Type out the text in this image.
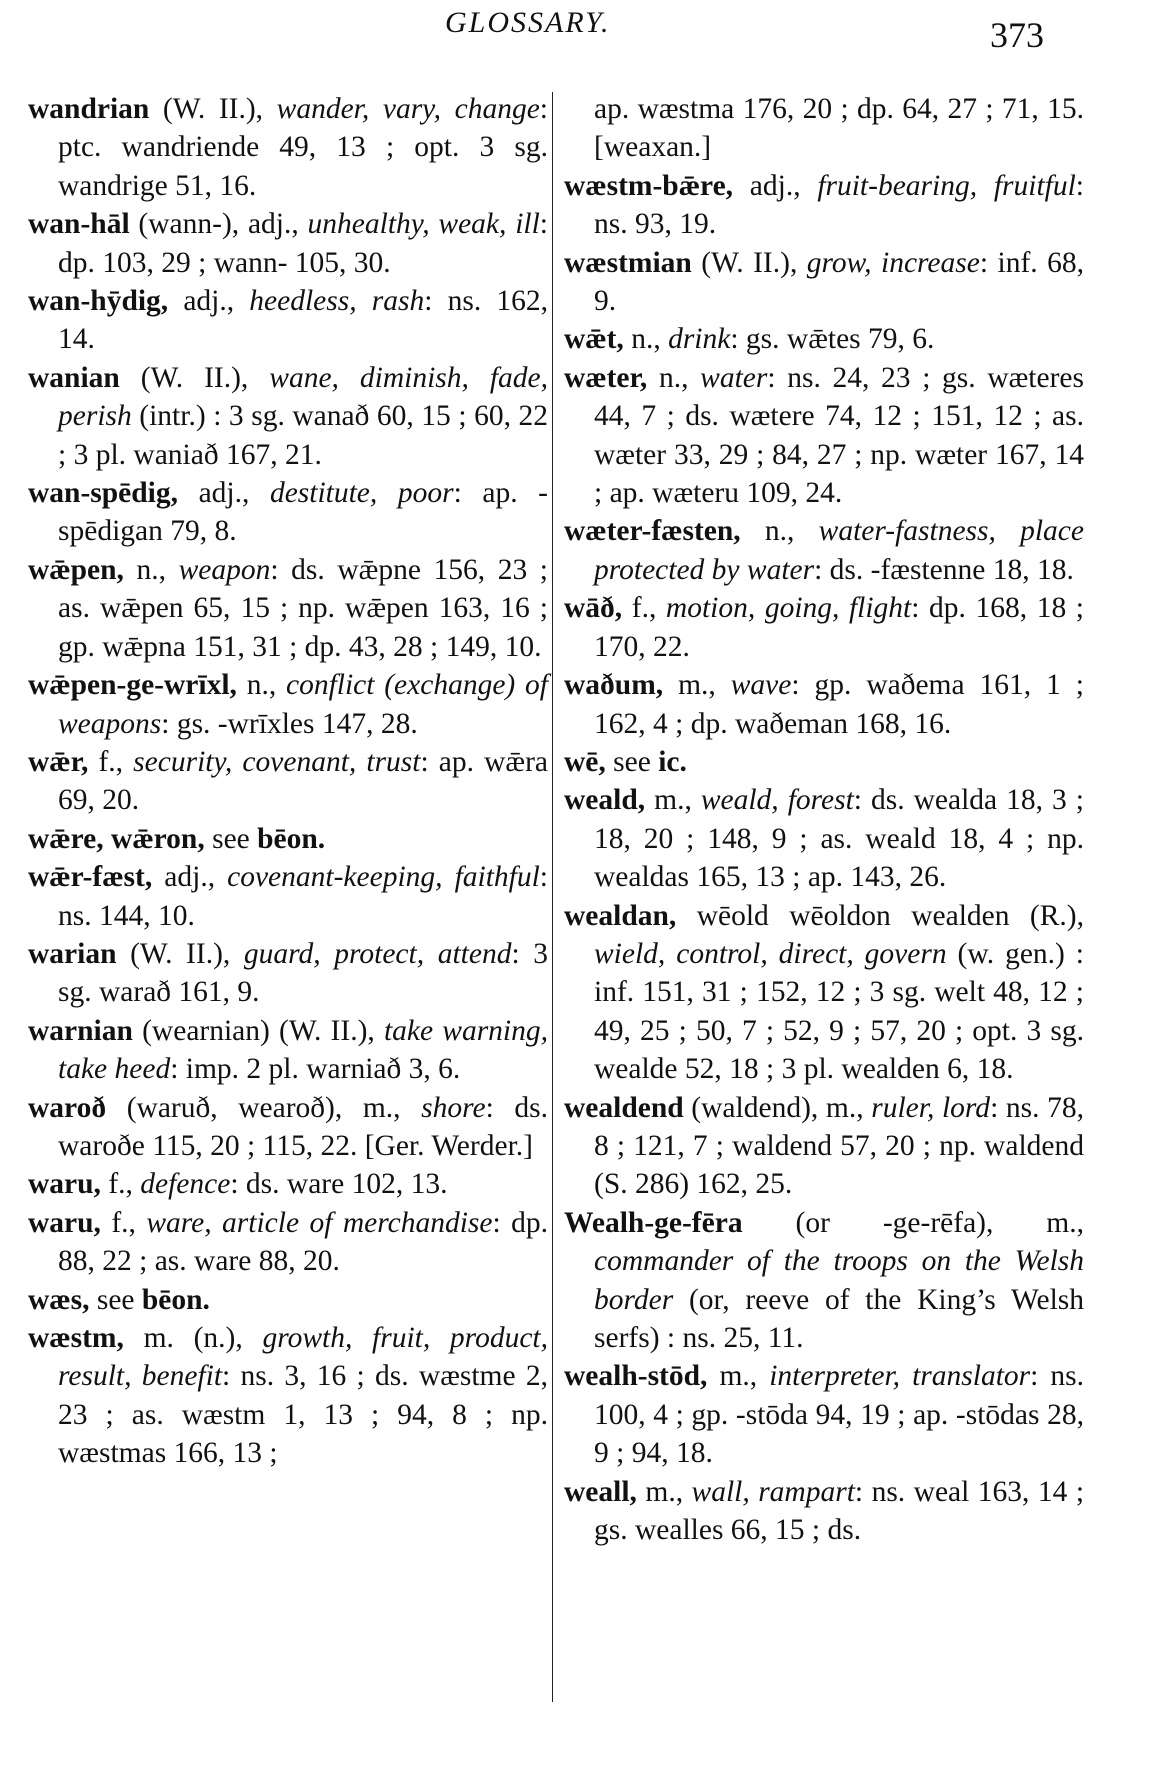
GLOSSARY.	373

wandrian (W. II.), wander, vary, change: ptc. wandriende 49, 13 ; opt. 3 sg. wandrige 51, 16.

wan-hāl (wann-), adj., unhealthy, weak, ill: dp. 103, 29 ; wann- 105, 30.

wan-hȳdig, adj., heedless, rash: ns. 162, 14.

wanian (W. II.), wane, diminish, fade, perish (intr.) : 3 sg. wanað 60, 15 ; 60, 22 ; 3 pl. waniað 167, 21.

wan-spēdig, adj., destitute, poor: ap. -spēdigan 79, 8.

wǣpen, n., weapon: ds. wǣpne 156, 23 ; as. wǣpen 65, 15 ; np. wǣpen 163, 16 ; gp. wǣpna 151, 31 ; dp. 43, 28 ; 149, 10.

wǣpen-ge-wrīxl, n., conflict (exchange) of weapons: gs. -wrīxles 147, 28.

wǣr, f., security, covenant, trust: ap. wǣra 69, 20.

wǣre, wǣron, see bēon.

wǣr-fæst, adj., covenant-keeping, faithful: ns. 144, 10.

warian (W. II.), guard, protect, attend: 3 sg. warað 161, 9.

warnian (wearnian) (W. II.), take warning, take heed: imp. 2 pl. warniað 3, 6.

waroð (waruð, wearoð), m., shore: ds. waroðe 115, 20 ; 115, 22. [Ger. Werder.]

waru, f., defence: ds. ware 102, 13.

waru, f., ware, article of merchandise: dp. 88, 22 ; as. ware 88, 20.

wæs, see bēon.

wæstm, m. (n.), growth, fruit, product, result, benefit: ns. 3, 16 ; ds. wæstme 2, 23 ; as. wæstm 1, 13 ; 94, 8 ; np. wæstmas 166, 13 ;

ap. wæstma 176, 20 ; dp. 64, 27 ; 71, 15. [weaxan.]

wæstm-bǣre, adj., fruit-bearing, fruitful: ns. 93, 19.

wæstmian (W. II.), grow, increase: inf. 68, 9.

wǣt, n., drink: gs. wǣtes 79, 6.

wæter, n., water: ns. 24, 23 ; gs. wæteres 44, 7 ; ds. wætere 74, 12 ; 151, 12 ; as. wæter 33, 29 ; 84, 27 ; np. wæter 167, 14 ; ap. wæteru 109, 24.

wæter-fæsten, n., water-fastness, place protected by water: ds. -fæstenne 18, 18.

wāð, f., motion, going, flight: dp. 168, 18 ; 170, 22.

waðum, m., wave: gp. waðema 161, 1 ; 162, 4 ; dp. waðeman 168, 16.

wē, see ic.

weald, m., weald, forest: ds. wealda 18, 3 ; 18, 20 ; 148, 9 ; as. weald 18, 4 ; np. wealdas 165, 13 ; ap. 143, 26.

wealdan, wēold wēoldon wealden (R.), wield, control, direct, govern (w. gen.) : inf. 151, 31 ; 152, 12 ; 3 sg. welt 48, 12 ; 49, 25 ; 50, 7 ; 52, 9 ; 57, 20 ; opt. 3 sg. wealde 52, 18 ; 3 pl. wealden 6, 18.

wealdend (waldend), m., ruler, lord: ns. 78, 8 ; 121, 7 ; waldend 57, 20 ; np. waldend (S. 286) 162, 25.

Wealh-ge-fēra (or -ge-rēfa), m., commander of the troops on the Welsh border (or, reeve of the King’s Welsh serfs) : ns. 25, 11.

wealh-stōd, m., interpreter, translator: ns. 100, 4 ; gp. -stōda 94, 19 ; ap. -stōdas 28, 9 ; 94, 18.

weall, m., wall, rampart: ns. weal 163, 14 ; gs. wealles 66, 15 ; ds.
